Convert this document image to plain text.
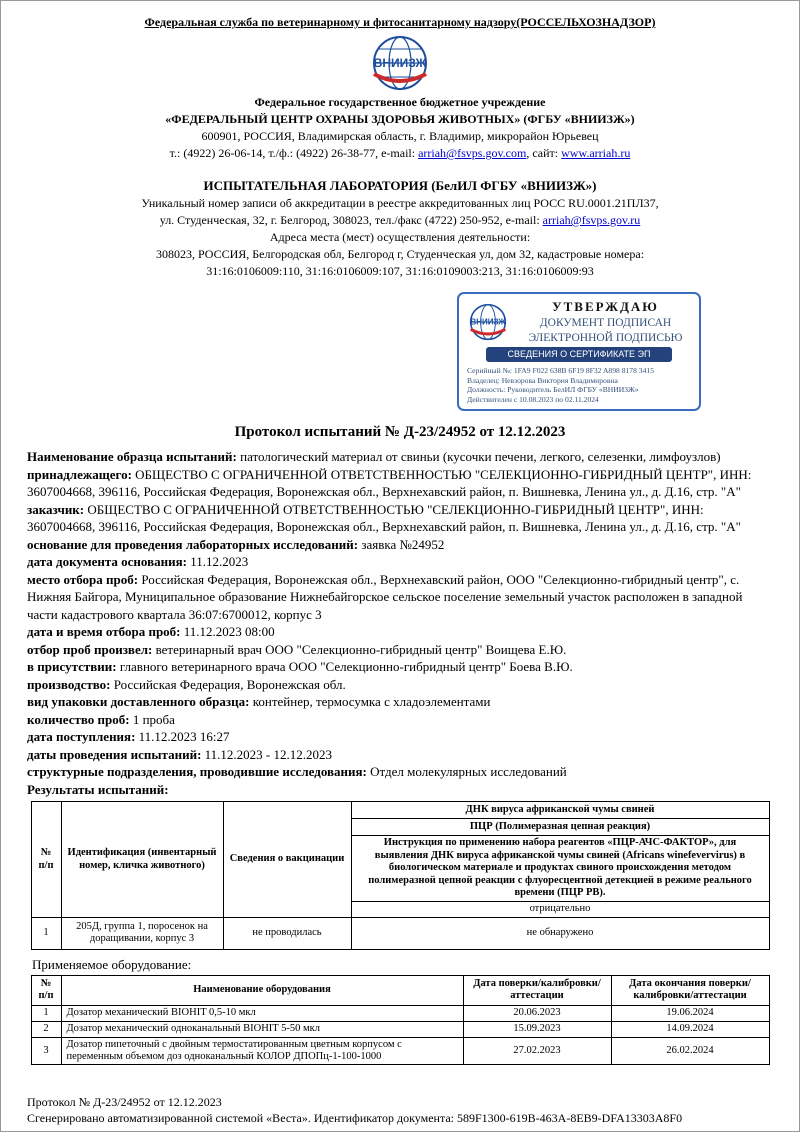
Федеральная служба по ветеринарному и фитосанитарному надзору(РОССЕЛЬХОЗНАДЗОР)
ВНИИЗЖ
Федеральное государственное бюджетное учреждение
«ФЕДЕРАЛЬНЫЙ ЦЕНТР ОХРАНЫ ЗДОРОВЬЯ ЖИВОТНЫХ» (ФГБУ «ВНИИЗЖ»)
600901, РОССИЯ, Владимирская область, г. Владимир, микрорайон Юрьевец
т.: (4922) 26-06-14, т./ф.: (4922) 26-38-77, e-mail: arriah@fsvps.gov.com, сайт: www.arriah.ru
ИСПЫТАТЕЛЬНАЯ ЛАБОРАТОРИЯ (БелИЛ ФГБУ «ВНИИЗЖ»)
Уникальный номер записи об аккредитации в реестре аккредитованных лиц РОСС RU.0001.21ПЛ37,
ул. Студенческая, 32, г. Белгород, 308023, тел./факс (4722) 250-952, e-mail: arriah@fsvps.gov.ru
Адреса места (мест) осуществления деятельности:
308023, РОССИЯ, Белгородская обл, Белгород г, Студенческая ул, дом 32, кадастровые номера:
31:16:0106009:110, 31:16:0106009:107, 31:16:0109003:213, 31:16:0106009:93
ВНИИЗЖ
УТВЕРЖДАЮ
ДОКУМЕНТ ПОДПИСАН
ЭЛЕКТРОННОЙ ПОДПИСЬЮ
СВЕДЕНИЯ О СЕРТИФИКАТЕ ЭП
Серийный №: 1FA9 F022 638B 6F19 8F32 A898 8178 3415
Владелец: Невзорова Виктория Владимировна
Должность: Руководитель БелИЛ ФГБУ «ВНИИЗЖ»
Действителен с 10.08.2023 по 02.11.2024
Протокол испытаний № Д-23/24952 от 12.12.2023

Наименование образца испытаний: патологический материал от свиньи (кусочки печени, легкого, селезенки, лимфоузлов)

принадлежащего: ОБЩЕСТВО С ОГРАНИЧЕННОЙ ОТВЕТСТВЕННОСТЬЮ "СЕЛЕКЦИОННО-ГИБРИДНЫЙ ЦЕНТР", ИНН: 3607004668, 396116, Российская Федерация, Воронежская обл., Верхнехавский район, п. Вишневка, Ленина ул., д. Д.16, стр. "А"

заказчик: ОБЩЕСТВО С ОГРАНИЧЕННОЙ ОТВЕТСТВЕННОСТЬЮ "СЕЛЕКЦИОННО-ГИБРИДНЫЙ ЦЕНТР", ИНН: 3607004668, 396116, Российская Федерация, Воронежская обл., Верхнехавский район, п. Вишневка, Ленина ул., д. Д.16, стр. "А"

основание для проведения лабораторных исследований: заявка №24952

дата документа основания: 11.12.2023

место отбора проб: Российская Федерация, Воронежская обл., Верхнехавский район, ООО "Селекционно-гибридный центр", с. Нижняя Байгора, Муниципальное образование Нижнебайгорское сельское поселение земельный участок расположен в западной части кадастрового квартала 36:07:6700012, корпус 3

дата и время отбора проб: 11.12.2023 08:00

отбор проб произвел: ветеринарный врач ООО "Селекционно-гибридный центр" Воищева Е.Ю.

в присутствии: главного ветеринарного врача ООО "Селекционно-гибридный центр" Боева В.Ю.

производство: Российская Федерация, Воронежская обл.

вид упаковки доставленного образца: контейнер, термосумка с хладоэлементами

количество проб: 1 проба

дата поступления: 11.12.2023 16:27

даты проведения испытаний: 11.12.2023 - 12.12.2023

структурные подразделения, проводившие исследования: Отдел молекулярных исследований

Результаты испытаний:

№ п/п	Идентификация (инвентарный номер, кличка животного)	Сведения о вакцинации	ДНК вируса африканской чумы свиней
			ПЦР (Полимеразная цепная реакция)
			Инструкция по применению набора реагентов «ПЦР-АЧС-ФАКТОР», для выявления ДНК вируса африканской чумы свиней (Africans winefevervirus) в биологическом материале и продуктах свиного происхождения методом полимеразной цепной реакции с флуоресцентной детекцией в режиме реального времени (ПЦР РВ).
			отрицательно
1	205Д, группа 1, поросенок на доращивании, корпус 3	не проводилась	не обнаружено
Применяемое оборудование:
№ п/п	Наименование оборудования	Дата поверки/калибровки/аттестации	Дата окончания поверки/калибровки/аттестации
1	Дозатор механический BIOHIT 0,5-10 мкл	20.06.2023	19.06.2024
2	Дозатор механический одноканальный BIOHIT 5-50 мкл	15.09.2023	14.09.2024
3	Дозатор пипеточный с двойным термостатированным цветным корпусом с переменным объемом доз одноканальный КОЛОР ДПОПц-1-100-1000	27.02.2023	26.02.2024
Протокол № Д-23/24952 от 12.12.2023
Сгенерировано автоматизированной системой «Веста». Идентификатор документа: 589F1300-619B-463A-8EB9-DFA13303A8F0
